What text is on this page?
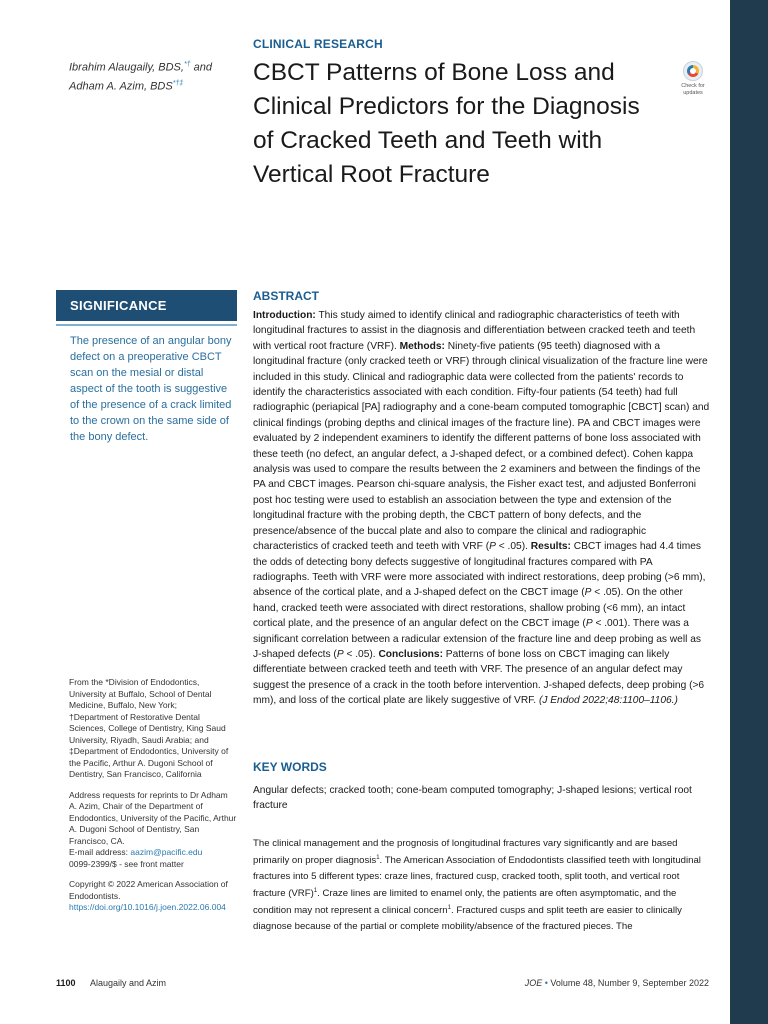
Ibrahim Alaugaily, BDS,*† and
Adham A. Azim, BDS*†‡
CLINICAL RESEARCH
CBCT Patterns of Bone Loss and Clinical Predictors for the Diagnosis of Cracked Teeth and Teeth with Vertical Root Fracture
Check for
updates
SIGNIFICANCE
The presence of an angular bony defect on a preoperative CBCT scan on the mesial or distal aspect of the tooth is suggestive of the presence of a crack limited to the crown on the same side of the bony defect.

From the *Division of Endodontics, University at Buffalo, School of Dental Medicine, Buffalo, New York;

†Department of Restorative Dental Sciences, College of Dentistry, King Saud University, Riyadh, Saudi Arabia; and

‡Department of Endodontics, University of the Pacific, Arthur A. Dugoni School of Dentistry, San Francisco, California

Address requests for reprints to Dr Adham A. Azim, Chair of the Department of Endodontics, University of the Pacific, Arthur A. Dugoni School of Dentistry, San Francisco, CA.

E-mail address: aazim@pacific.edu

0099-2399/$ - see front matter

Copyright © 2022 American Association of Endodontists.

https://doi.org/10.1016/j.joen.2022.06.004

ABSTRACT
Introduction: This study aimed to identify clinical and radiographic characteristics of teeth with longitudinal fractures to assist in the diagnosis and differentiation between cracked teeth and teeth with vertical root fracture (VRF). Methods: Ninety-five patients (95 teeth) diagnosed with a longitudinal fracture (only cracked teeth or VRF) through clinical visualization of the fracture line were included in this study. Clinical and radiographic data were collected from the patients' records to identify the characteristics associated with each condition. Fifty-four patients (54 teeth) had full radiographic (periapical [PA] radiography and a cone-beam computed tomographic [CBCT] scan) and clinical findings (probing depths and clinical images of the fracture line). PA and CBCT images were evaluated by 2 independent examiners to identify the different patterns of bone loss associated with these teeth (no defect, an angular defect, a J-shaped defect, or a combined defect). Cohen kappa analysis was used to compare the results between the 2 examiners and between the findings of the PA and CBCT images. Pearson chi-square analysis, the Fisher exact test, and adjusted Bonferroni post hoc testing were used to establish an association between the type and extension of the longitudinal fracture with the probing depth, the CBCT pattern of bony defects, and the presence/absence of the buccal plate and also to compare the clinical and radiographic characteristics of cracked teeth and teeth with VRF (P < .05). Results: CBCT images had 4.4 times the odds of detecting bony defects suggestive of longitudinal fractures compared with PA radiographs. Teeth with VRF were more associated with indirect restorations, deep probing (>6 mm), absence of the cortical plate, and a J-shaped defect on the CBCT image (P < .05). On the other hand, cracked teeth were associated with direct restorations, shallow probing (<6 mm), an intact cortical plate, and the presence of an angular defect on the CBCT image (P < .001). There was a significant correlation between a radicular extension of the fracture line and deep probing as well as J-shaped defects (P < .05). Conclusions: Patterns of bone loss on CBCT imaging can likely differentiate between cracked teeth and teeth with VRF. The presence of an angular defect may suggest the presence of a crack in the tooth before intervention. J-shaped defects, deep probing (>6 mm), and loss of the cortical plate are likely suggestive of VRF. (J Endod 2022;48:1100–1106.)
KEY WORDS
Angular defects; cracked tooth; cone-beam computed tomography; J-shaped lesions; vertical root fracture
The clinical management and the prognosis of longitudinal fractures vary significantly and are based primarily on proper diagnosis$^1$. The American Association of Endodontists classified teeth with longitudinal fractures into 5 different types: craze lines, fractured cusp, cracked tooth, split tooth, and vertical root fracture (VRF)$^1$. Craze lines are limited to enamel only, the patients are often asymptomatic, and the condition may not represent a clinical concern$^1$. Fractured cusps and split teeth are easier to clinically diagnose because of the partial or complete mobility/absence of the fractured pieces. The
1100 Alaugaily and Azim	JOE • Volume 48, Number 9, September 2022
